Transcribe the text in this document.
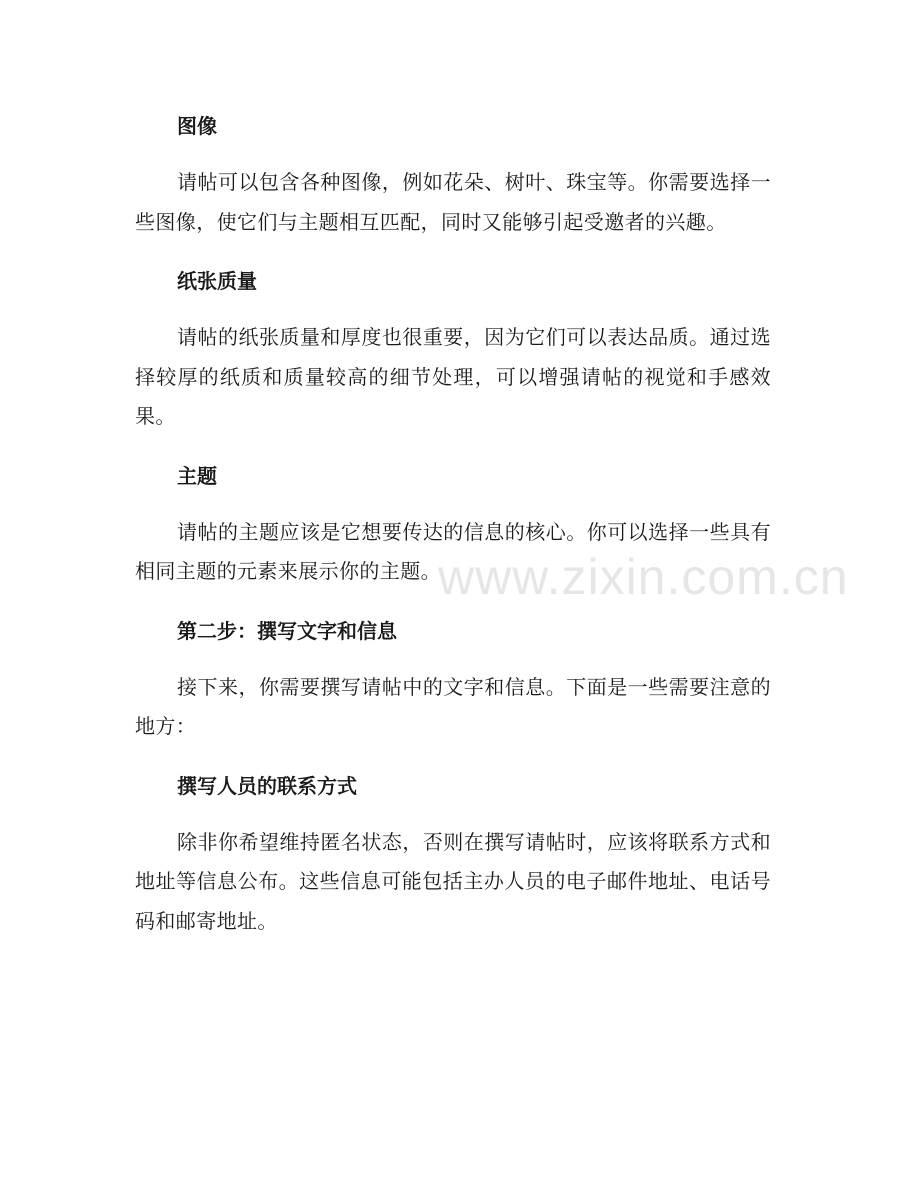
www.zixin.com.cn
图像

请帖可以包含各种图像，例如花朵、树叶、珠宝等。你需要选择一些图像，使它们与主题相互匹配，同时又能够引起受邀者的兴趣。

纸张质量

请帖的纸张质量和厚度也很重要，因为它们可以表达品质。通过选择较厚的纸质和质量较高的细节处理，可以增强请帖的视觉和手感效果。

主题

请帖的主题应该是它想要传达的信息的核心。你可以选择一些具有相同主题的元素来展示你的主题。

第二步：撰写文字和信息

接下来，你需要撰写请帖中的文字和信息。下面是一些需要注意的地方：

撰写人员的联系方式

除非你希望维持匿名状态，否则在撰写请帖时，应该将联系方式和地址等信息公布。这些信息可能包括主办人员的电子邮件地址、电话号码和邮寄地址。
